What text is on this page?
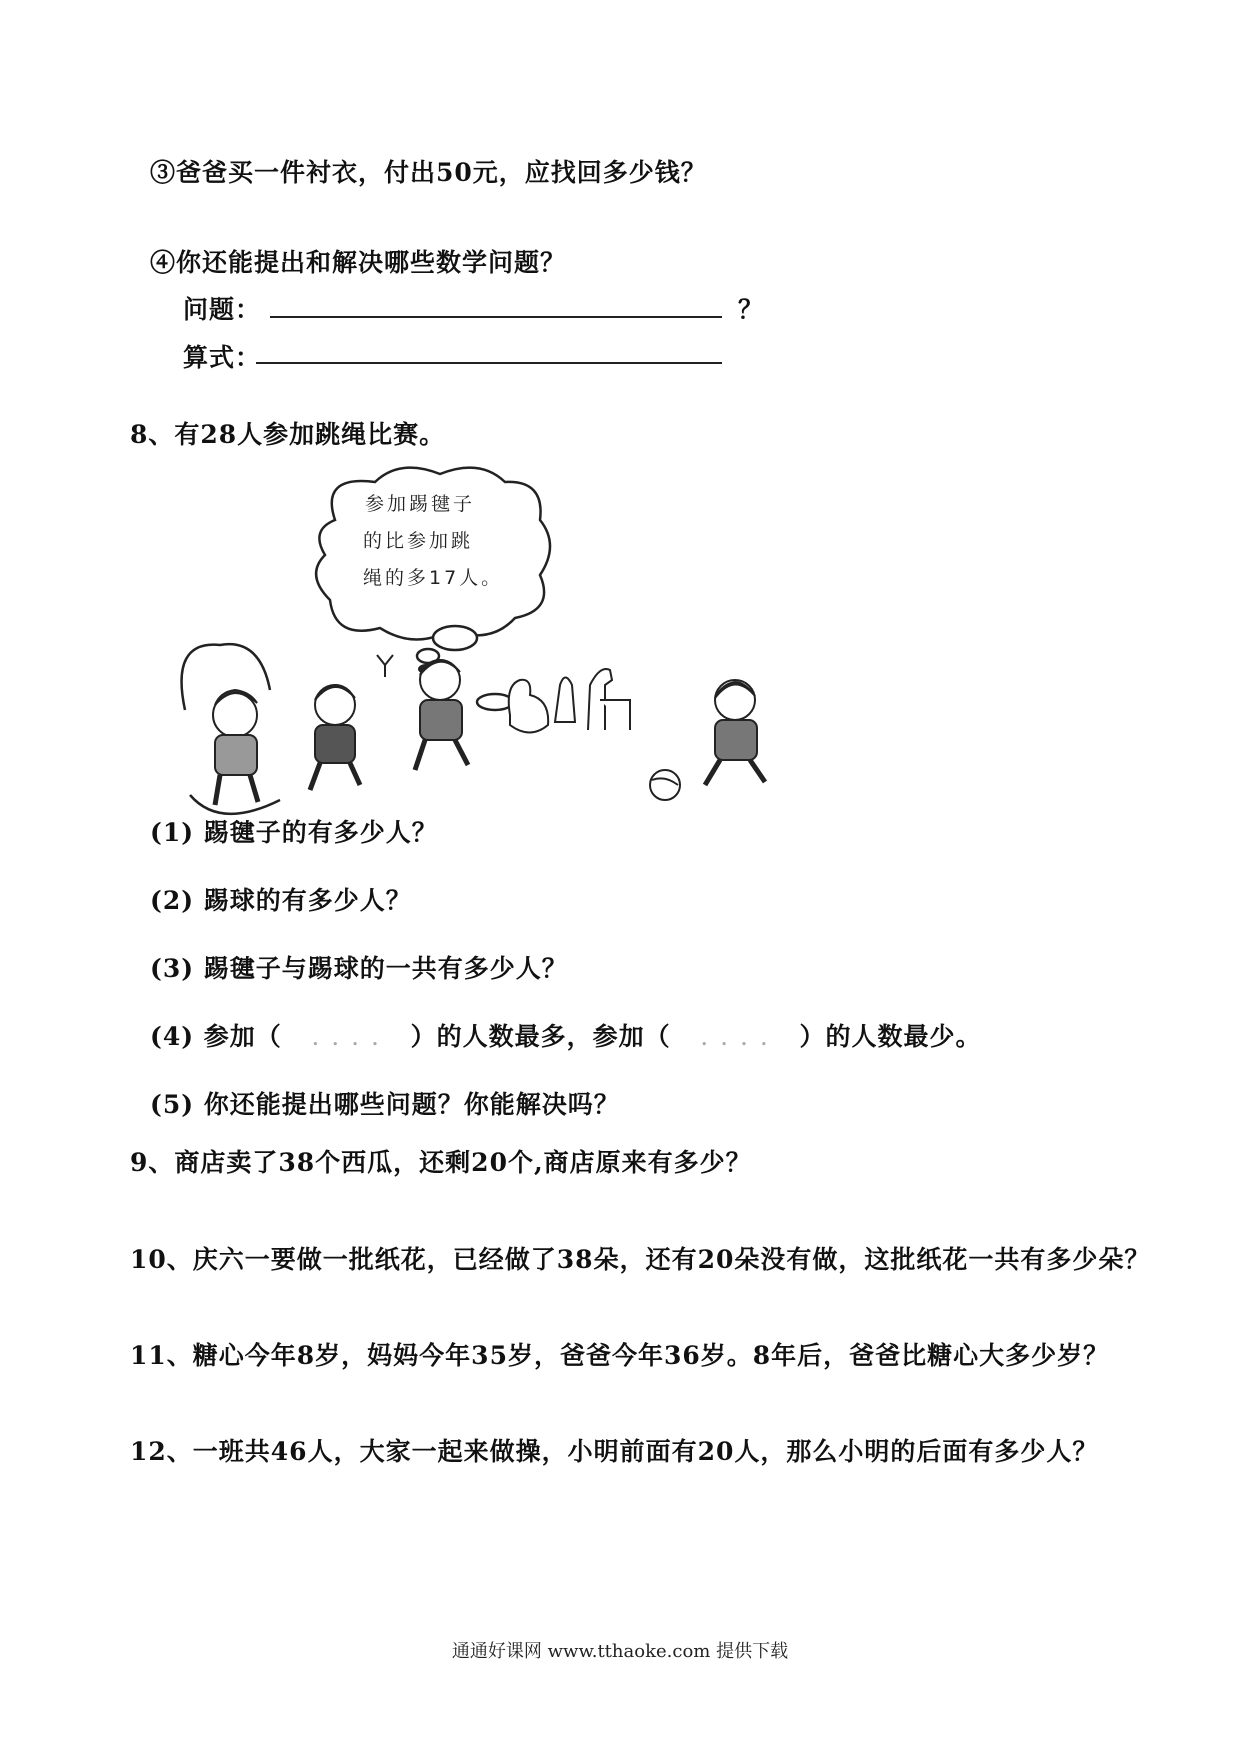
③爸爸买一件衬衣，付出50元，应找回多少钱？
④你还能提出和解决哪些数学问题？
问题：	？
算式：
8、有28人参加跳绳比赛。
参加踢毽子
的比参加跳
绳的多17人。
(1) 踢毽子的有多少人？
(2) 踢球的有多少人？
(3) 踢毽子与踢球的一共有多少人？
(4) 参加（   . . . .   ）的人数最多，参加（   . . . .   ）的人数最少。
(5) 你还能提出哪些问题？你能解决吗？
9、商店卖了38个西瓜，还剩20个,商店原来有多少？
10、庆六一要做一批纸花，已经做了38朵，还有20朵没有做，这批纸花一共有多少朵？
11、糖心今年8岁，妈妈今年35岁，爸爸今年36岁。8年后，爸爸比糖心大多少岁？
12、一班共46人，大家一起来做操，小明前面有20人，那么小明的后面有多少人？
通通好课网 www.tthaoke.com 提供下载
